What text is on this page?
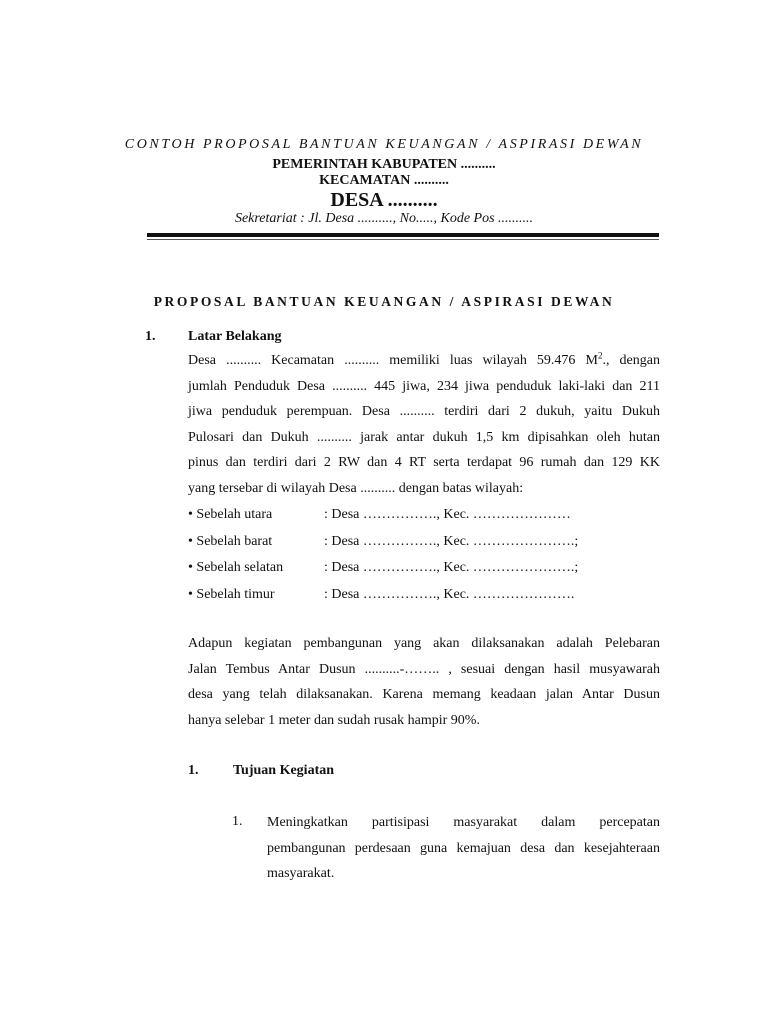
CONTOH PROPOSAL BANTUAN KEUANGAN / ASPIRASI DEWAN
PEMERINTAH KABUPATEN ..........
KECAMATAN ..........
DESA ..........
Sekretariat : Jl. Desa .........., No....., Kode Pos ..........
PROPOSAL BANTUAN KEUANGAN / ASPIRASI DEWAN
1. Latar Belakang
Desa .......... Kecamatan .......... memiliki luas wilayah 59.476 $M^2$., dengan
jumlah Penduduk Desa .......... 445 jiwa, 234 jiwa penduduk laki-laki dan 211
jiwa penduduk perempuan. Desa .......... terdiri dari 2 dukuh, yaitu Dukuh
Pulosari dan Dukuh .......... jarak antar dukuh 1,5 km dipisahkan oleh hutan
pinus dan terdiri dari 2 RW dan 4 RT serta terdapat 96 rumah dan 129 KK
yang tersebar di wilayah Desa .......... dengan batas wilayah:
• Sebelah utara	: Desa ……………., Kec. …………………
• Sebelah barat	: Desa ……………., Kec. ………………….;
• Sebelah selatan	: Desa ……………., Kec. ………………….;
• Sebelah timur	: Desa ……………., Kec. ………………….
Adapun kegiatan pembangunan yang akan dilaksanakan adalah Pelebaran
Jalan Tembus Antar Dusun ..........-…….. , sesuai dengan hasil musyawarah
desa yang telah dilaksanakan. Karena memang keadaan jalan Antar Dusun
hanya selebar 1 meter dan sudah rusak hampir 90%.
1. Tujuan Kegiatan
1. Meningkatkan partisipasi masyarakat dalam percepatan
pembangunan perdesaan guna kemajuan desa dan kesejahteraan
masyarakat.
